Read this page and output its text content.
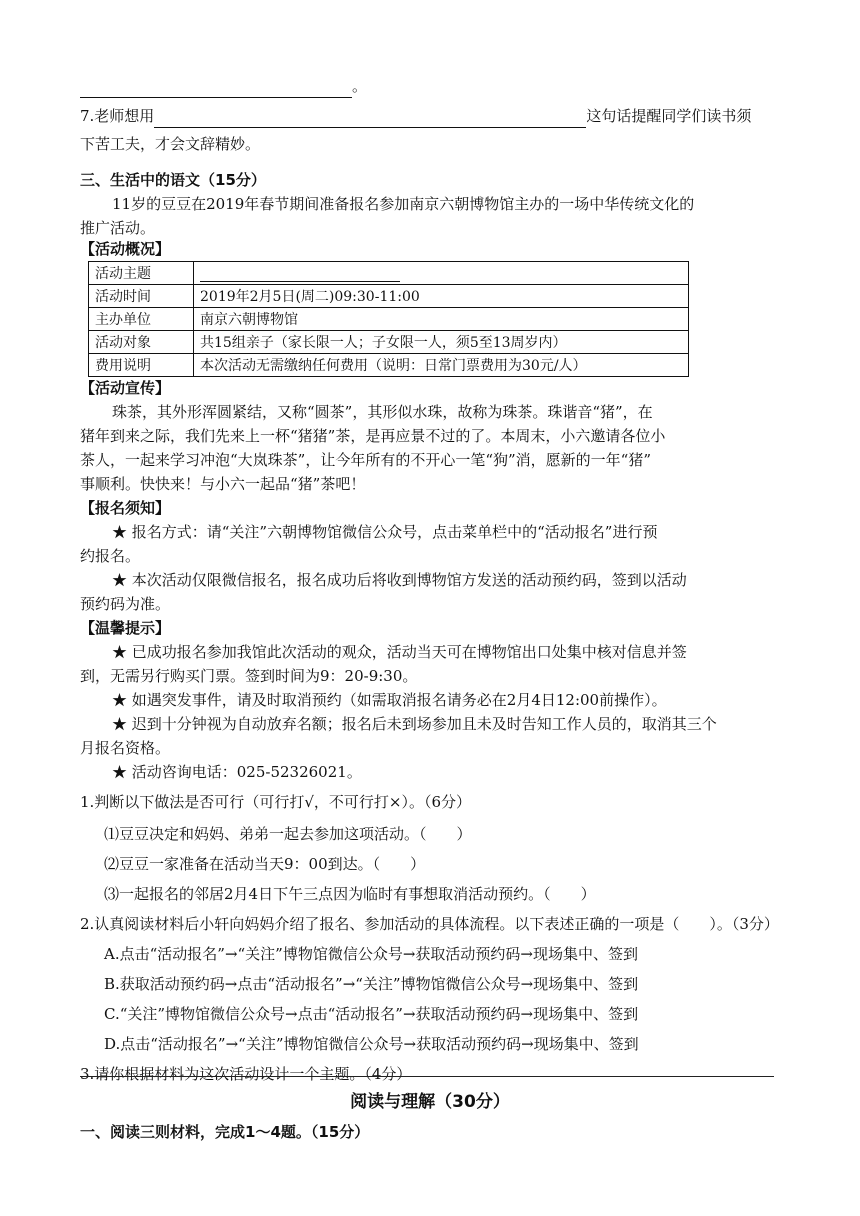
。
7.老师想用	这句话提醒同学们读书须
下苦工夫，才会文辞精妙。
三、生活中的语文（15分）
11岁的豆豆在2019年春节期间准备报名参加南京六朝博物馆主办的一场中华传统文化的
推广活动。
【活动概况】
活动主题	
活动时间	2019年2月5日(周二)09:30-11:00
主办单位	南京六朝博物馆
活动对象	共15组亲子（家长限一人；子女限一人，须5至13周岁内）
费用说明	本次活动无需缴纳任何费用（说明：日常门票费用为30元/人）
【活动宣传】
珠茶，其外形浑圆紧结，又称“圆茶”，其形似水珠，故称为珠茶。珠谐音“猪”，在
猪年到来之际，我们先来上一杯“猪猪”茶，是再应景不过的了。本周末，小六邀请各位小
茶人，一起来学习冲泡“大岚珠茶”，让今年所有的不开心一笔“狗”消，愿新的一年“猪”
事顺利。快快来！与小六一起品“猪”茶吧！
【报名须知】
★ 报名方式：请“关注”六朝博物馆微信公众号，点击菜单栏中的“活动报名”进行预
约报名。
★ 本次活动仅限微信报名，报名成功后将收到博物馆方发送的活动预约码，签到以活动
预约码为准。
【温馨提示】
★ 已成功报名参加我馆此次活动的观众，活动当天可在博物馆出口处集中核对信息并签
到，无需另行购买门票。签到时间为9：20-9:30。
★ 如遇突发事件，请及时取消预约（如需取消报名请务必在2月4日12:00前操作）。
★ 迟到十分钟视为自动放弃名额；报名后未到场参加且未及时告知工作人员的，取消其三个
月报名资格。
★ 活动咨询电话：025-52326021。
1.判断以下做法是否可行（可行打√，不可行打×）。（6分）
⑴豆豆决定和妈妈、弟弟一起去参加这项活动。（　　）
⑵豆豆一家准备在活动当天9：00到达。（　　）
⑶一起报名的邻居2月4日下午三点因为临时有事想取消活动预约。（　　）
2.认真阅读材料后小轩向妈妈介绍了报名、参加活动的具体流程。以下表述正确的一项是（　　）。（3分）
A.点击“活动报名”→“关注”博物馆微信公众号→获取活动预约码→现场集中、签到
B.获取活动预约码→点击“活动报名”→“关注”博物馆微信公众号→现场集中、签到
C.“关注”博物馆微信公众号→点击“活动报名”→获取活动预约码→现场集中、签到
D.点击“活动报名”→“关注”博物馆微信公众号→获取活动预约码→现场集中、签到
3.请你根据材料为这次活动设计一个主题。（4分）
阅读与理解（30分）
一、阅读三则材料，完成1～4题。（15分）
